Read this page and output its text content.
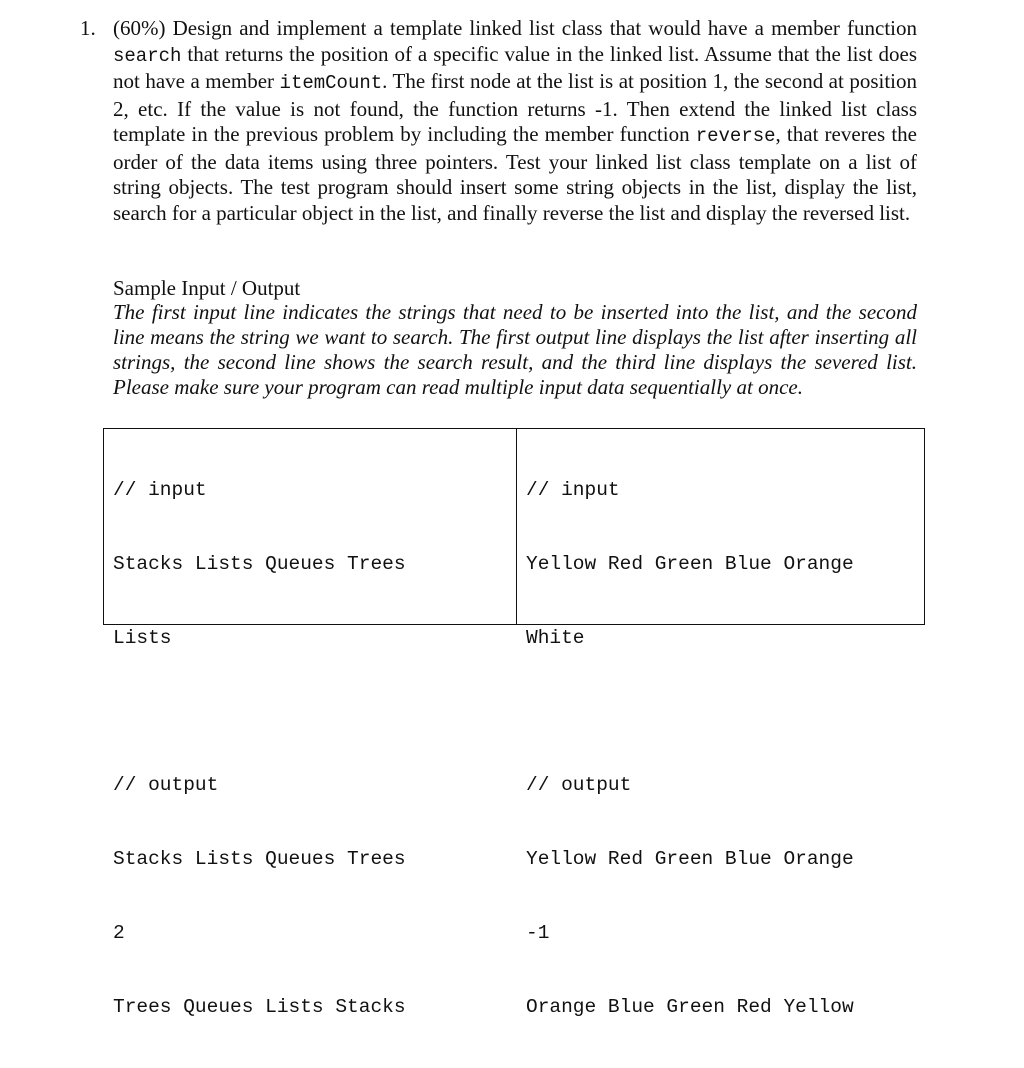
1. (60%) Design and implement a template linked list class that would have a member function search that returns the position of a specific value in the linked list. Assume that the list does not have a member itemCount. The first node at the list is at position 1, the second at position 2, etc. If the value is not found, the function returns -1. Then extend the linked list class template in the previous problem by including the member function reverse, that reveres the order of the data items using three pointers. Test your linked list class template on a list of string objects. The test program should insert some string objects in the list, display the list, search for a particular object in the list, and finally reverse the list and display the reversed list.

Sample Input / Output

The first input line indicates the strings that need to be inserted into the list, and the second line means the string we want to search. The first output line displays the list after inserting all strings, the second line shows the search result, and the third line displays the severed list. Please make sure your program can read multiple input data sequentially at once.

// input

Stacks Lists Queues Trees

Lists

// output

Stacks Lists Queues Trees

2

Trees Queues Lists Stacks

// input

Yellow Red Green Blue Orange

White

// output

Yellow Red Green Blue Orange

-1

Orange Blue Green Red Yellow
